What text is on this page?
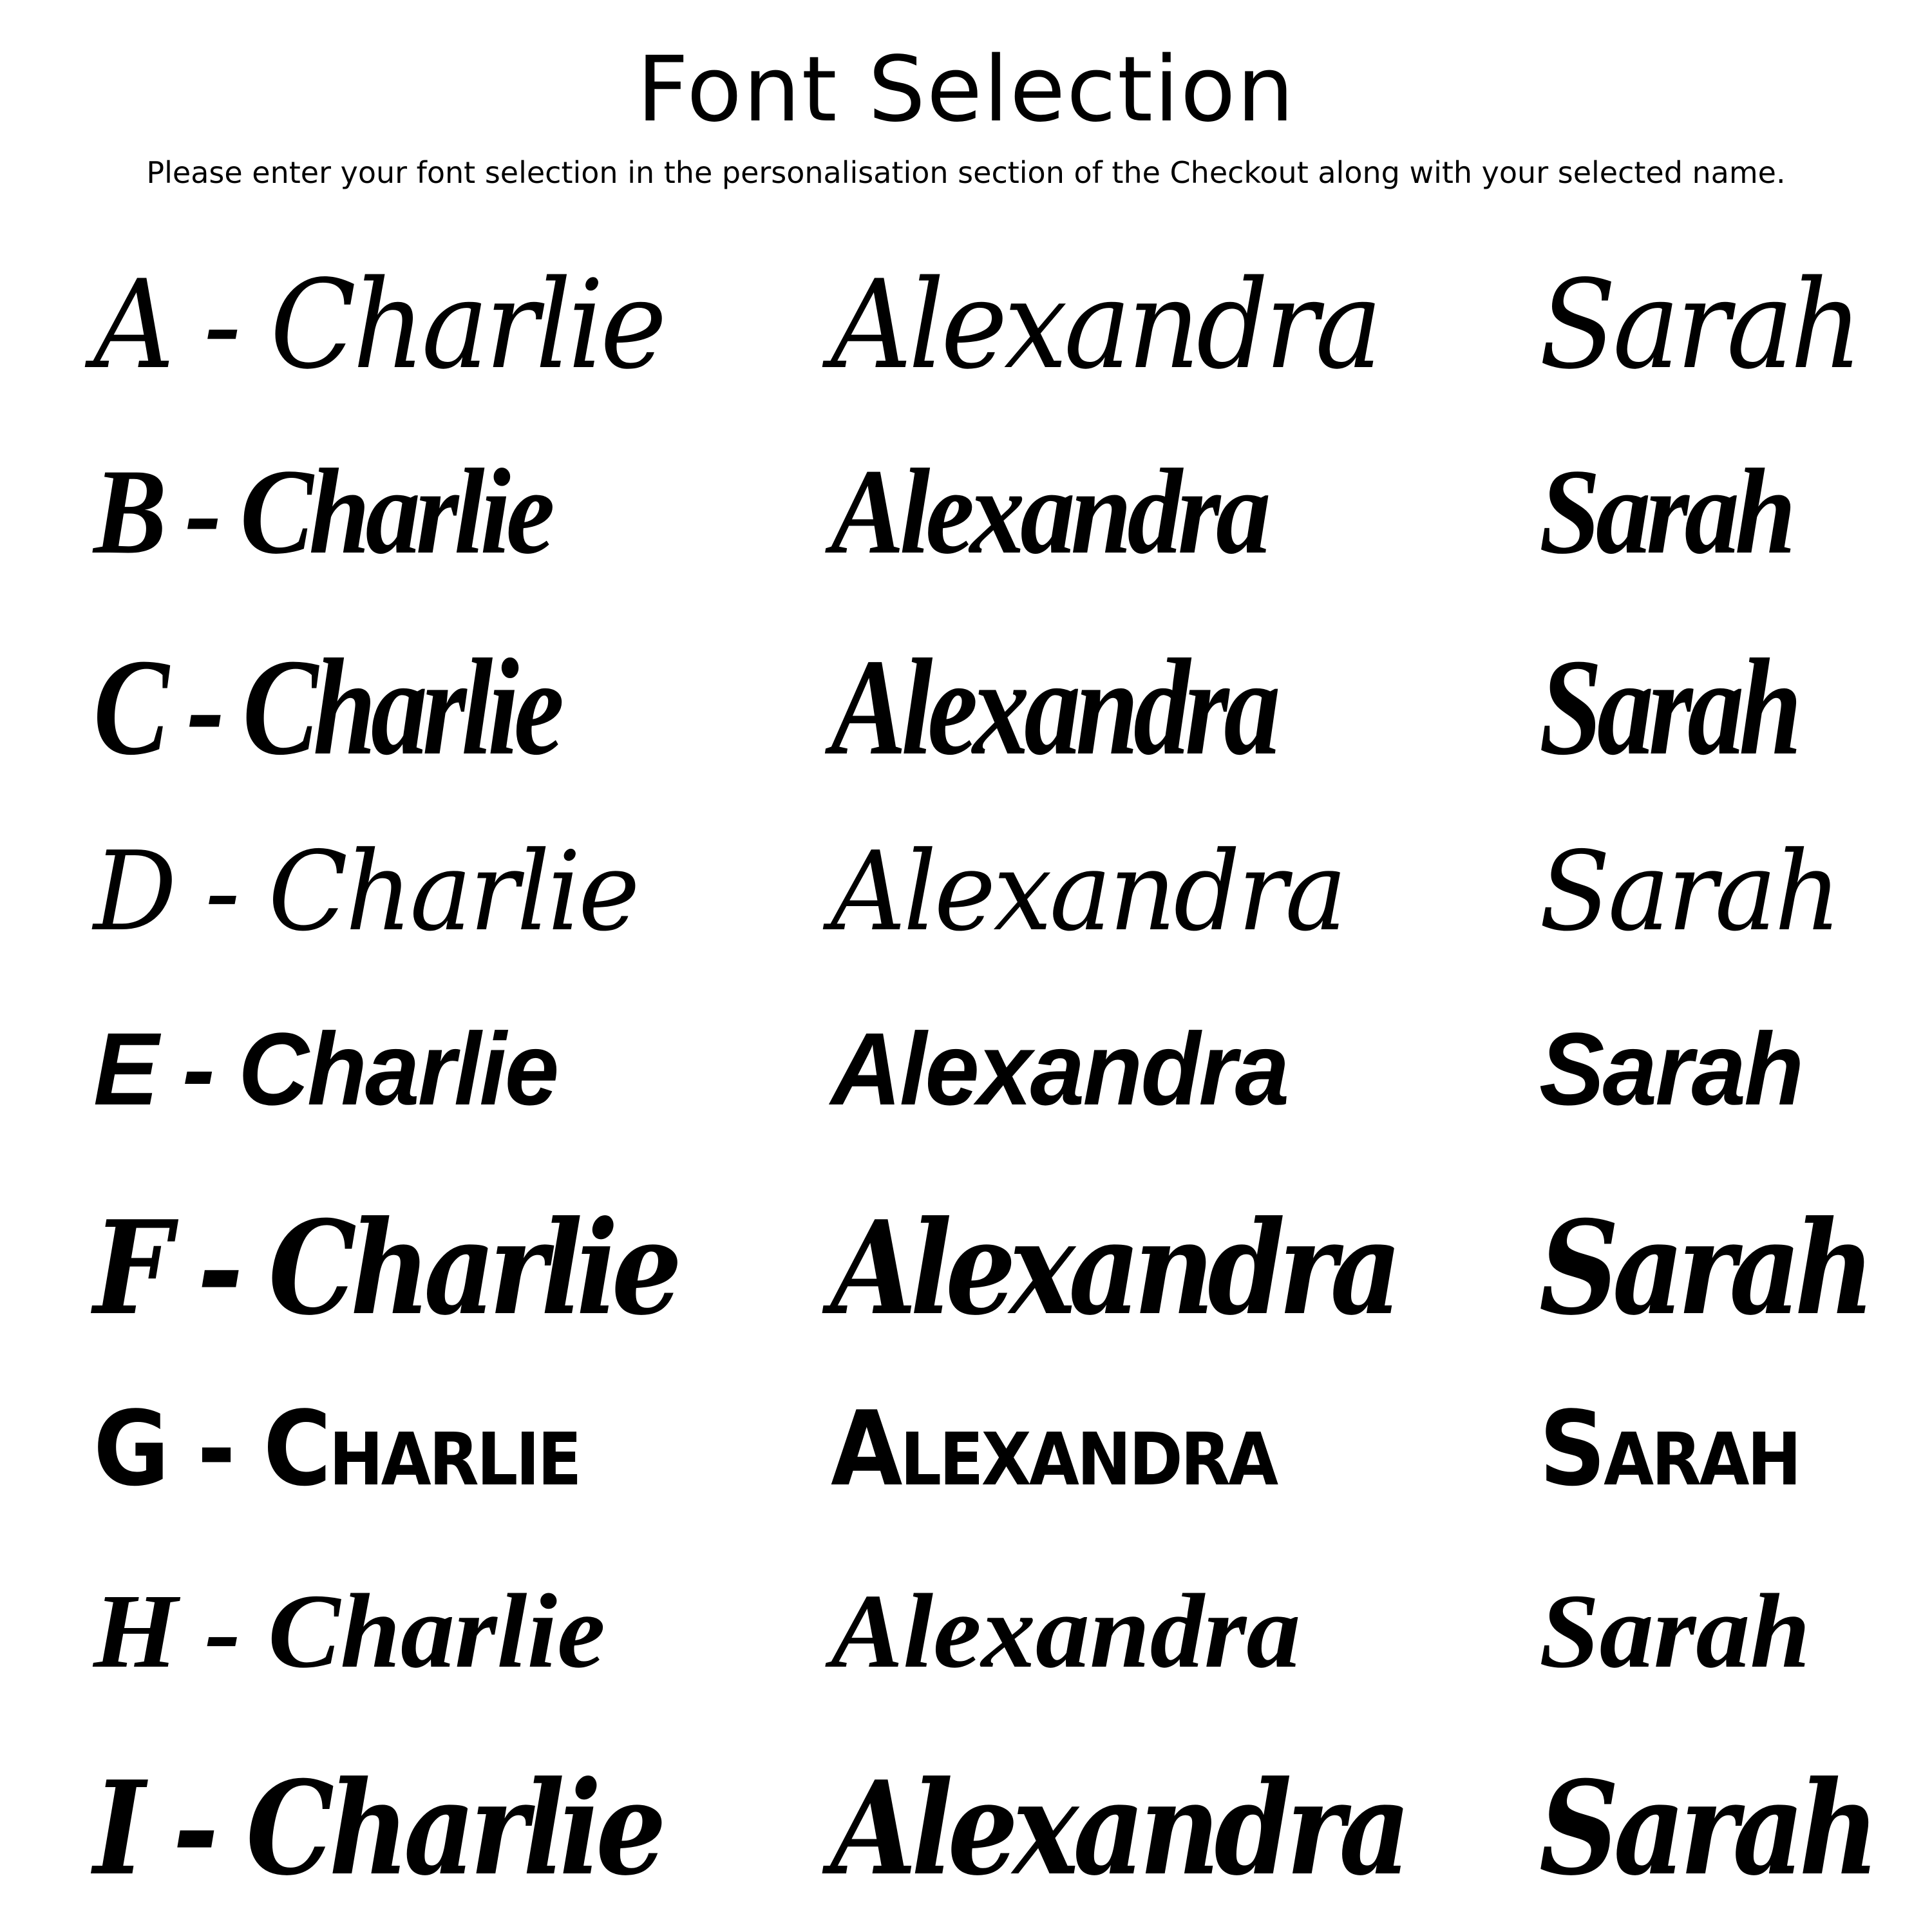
Font Selection
Please enter your font selection in the personalisation section of the Checkout along with your selected name.
A - Charlie Alexandra Sarah
B - Charlie Alexandra Sarah
C - Charlie Alexandra Sarah
D - Charlie Alexandra Sarah
E - Charlie	Alexandra Sarah
F - Charlie Alexandra Sarah
G - Charlie Alexandra	Sarah
H - Charlie Alexandra Sarah
I - Charlie Alexandra Sarah
